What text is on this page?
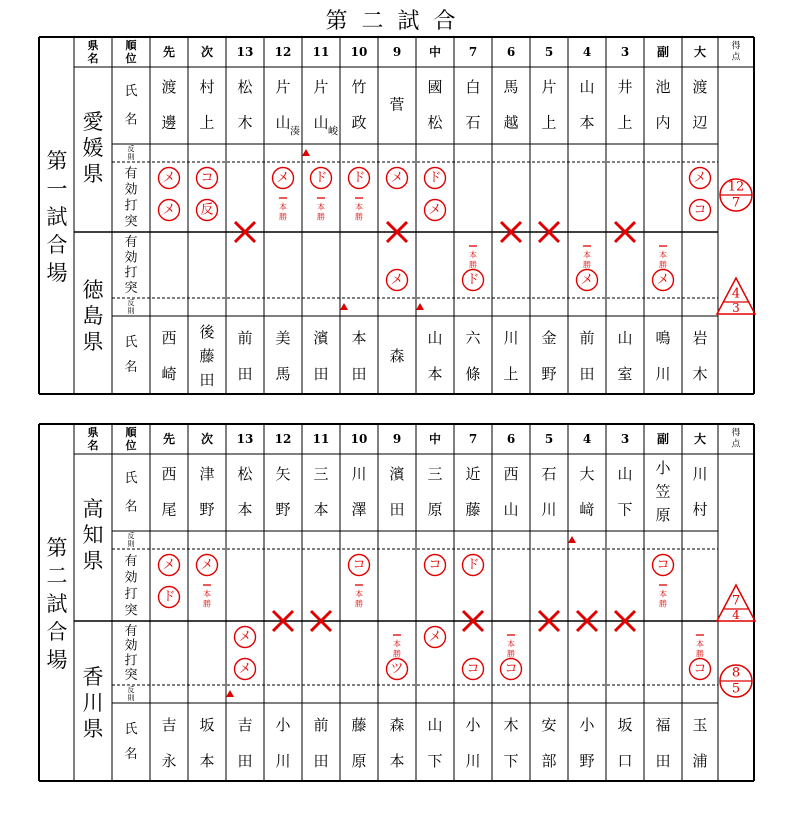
第二試合
県
名
順
位 先 次 13 12 11 10 9 中 7 6 5 4 3 副 大	得
点
第
一
試
合
場
氏
名
反
則
有
効
打
突
有
効
打
突
反
則
氏
名
愛
媛
県
徳
島
県
渡
邊
村
上
松
木
片
山
湊
片
山
峻
竹
政
菅
國
松
白
石
馬
越
片
上
山
本
井
上
池
内
渡
辺
西
崎
後
藤
田
前
田
美
馬
濱
田
本
田
森
山
本
六
條
川
上
金
野
前
田
山
室
鳴
川
岩
木
メ
メ
コ
反
メ
本
勝
ド
本
勝
ド
本
勝
メ
メ
ド
メ
本
勝
ド
本
勝
メ
本
勝
メ
メ
コ
12
7
4
3
県
名
順
位 先 次 13 12 11 10 9 中 7 6 5 4 3 副 大	得
点
第
二
試
合
場
氏
名
反
則
有
効
打
突
有
効
打
突
反
則
氏
名
高
知
県
香
川
県
西
尾
津
野
松
本
矢
野
三
本
川
澤
濱
田
三
原
近
藤
西
山
石
川
大
﨑
山
下
小
笠
原
川
村
吉
永
坂
本
吉
田
小
川
前
田
藤
原
森
本
山
下
小
川
木
下
安
部
小
野
坂
口
福
田
玉
浦
メ
ド
メ
本
勝
メ
メ
コ
本
勝
本
勝
ツ
コ
メ
ド
コ
本
勝
コ
コ
本
勝
本
勝
コ
7
4
8
5
